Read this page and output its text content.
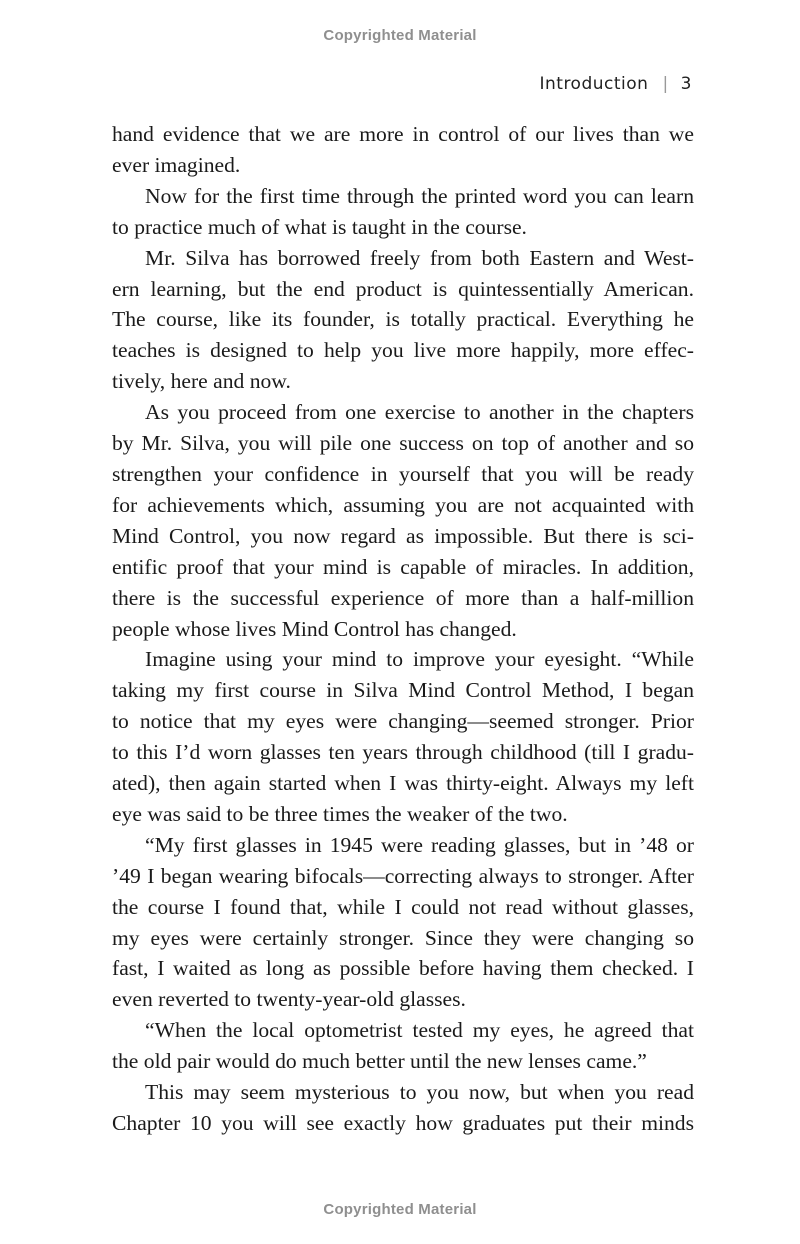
Copyrighted Material
Introduction | 3

hand evidence that we are more in control of our lives than we

ever imagined.

Now for the first time through the printed word you can learn

to practice much of what is taught in the course.

Mr. Silva has borrowed freely from both Eastern and West-

ern learning, but the end product is quintessentially American.

The course, like its founder, is totally practical. Everything he

teaches is designed to help you live more happily, more effec-

tively, here and now.

As you proceed from one exercise to another in the chapters

by Mr. Silva, you will pile one success on top of another and so

strengthen your confidence in yourself that you will be ready

for achievements which, assuming you are not acquainted with

Mind Control, you now regard as impossible. But there is sci-

entific proof that your mind is capable of miracles. In addition,

there is the successful experience of more than a half-million

people whose lives Mind Control has changed.

Imagine using your mind to improve your eyesight. “While

taking my first course in Silva Mind Control Method, I began

to notice that my eyes were changing—seemed stronger. Prior

to this I’d worn glasses ten years through childhood (till I gradu-

ated), then again started when I was thirty-eight. Always my left

eye was said to be three times the weaker of the two.

“My first glasses in 1945 were reading glasses, but in ’48 or

’49 I began wearing bifocals—correcting always to stronger. After

the course I found that, while I could not read without glasses,

my eyes were certainly stronger. Since they were changing so

fast, I waited as long as possible before having them checked. I

even reverted to twenty-year-old glasses.

“When the local optometrist tested my eyes, he agreed that

the old pair would do much better until the new lenses came.”

This may seem mysterious to you now, but when you read

Chapter 10 you will see exactly how graduates put their minds

Copyrighted Material
